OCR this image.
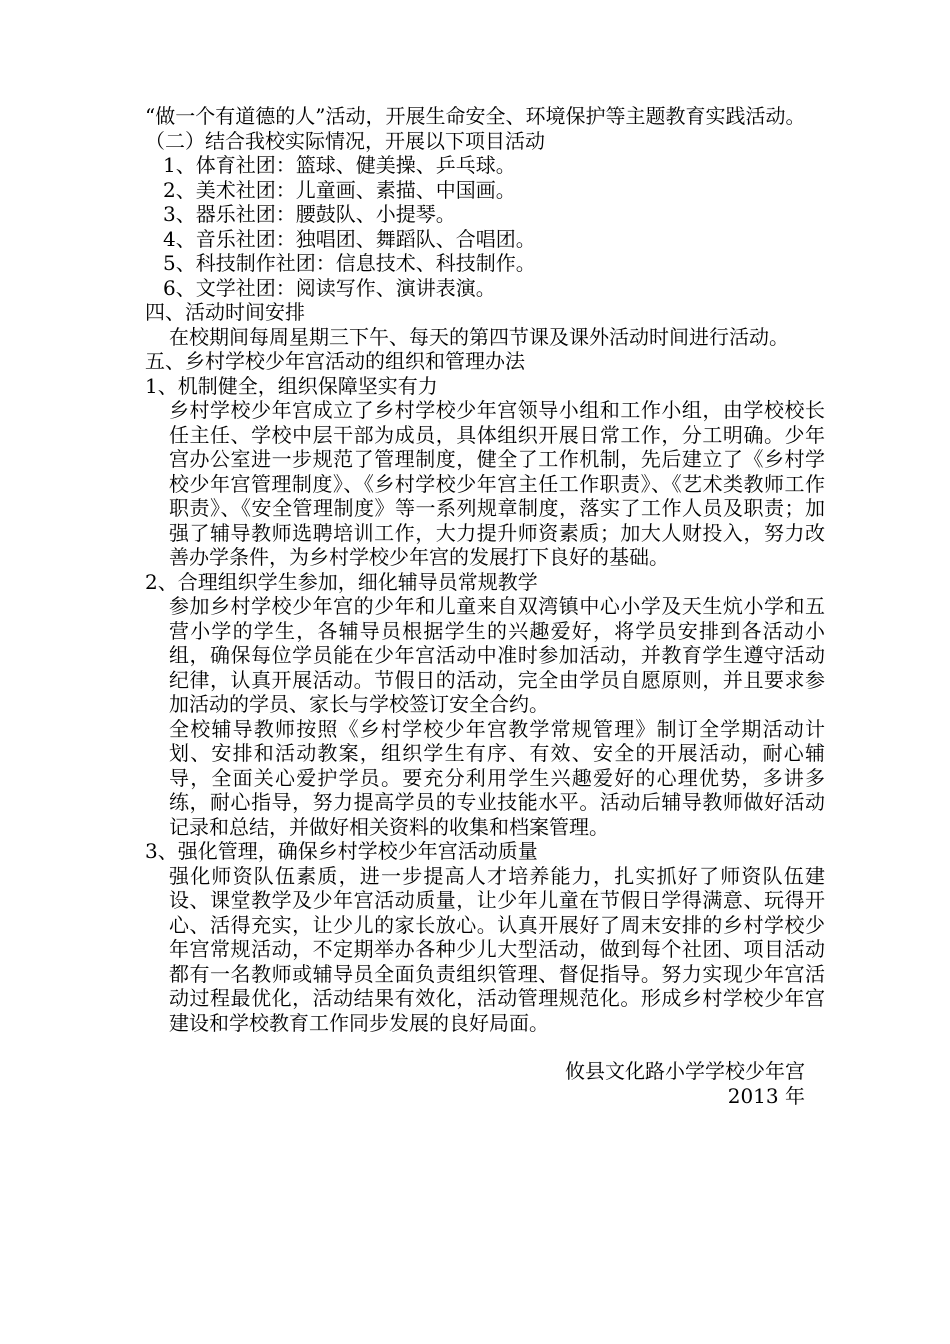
“做一个有道德的人”活动，开展生命安全、环境保护等主题教育实践活动。

（二）结合我校实际情况，开展以下项目活动

1、体育社团：篮球、健美操、乒乓球。

2、美术社团：儿童画、素描、中国画。

3、器乐社团：腰鼓队、小提琴。

4、音乐社团：独唱团、舞蹈队、合唱团。

5、科技制作社团：信息技术、科技制作。

6、文学社团：阅读写作、演讲表演。

四、活动时间安排

在校期间每周星期三下午、每天的第四节课及课外活动时间进行活动。

五、乡村学校少年宫活动的组织和管理办法

1、机制健全，组织保障坚实有力

乡村学校少年宫成立了乡村学校少年宫领导小组和工作小组，由学校校长任主任、学校中层干部为成员，具体组织开展日常工作，分工明确。少年宫办公室进一步规范了管理制度，健全了工作机制，先后建立了《乡村学校少年宫管理制度》、《乡村学校少年宫主任工作职责》、《艺术类教师工作职责》、《安全管理制度》等一系列规章制度，落实了工作人员及职责；加强了辅导教师选聘培训工作，大力提升师资素质；加大人财投入，努力改善办学条件，为乡村学校少年宫的发展打下良好的基础。

2、合理组织学生参加，细化辅导员常规教学

参加乡村学校少年宫的少年和儿童来自双湾镇中心小学及天生炕小学和五营小学的学生，各辅导员根据学生的兴趣爱好，将学员安排到各活动小组，确保每位学员能在少年宫活动中准时参加活动，并教育学生遵守活动纪律，认真开展活动。节假日的活动，完全由学员自愿原则，并且要求参加活动的学员、家长与学校签订安全合约。

全校辅导教师按照《乡村学校少年宫教学常规管理》制订全学期活动计划、安排和活动教案，组织学生有序、有效、安全的开展活动，耐心辅导，全面关心爱护学员。要充分利用学生兴趣爱好的心理优势，多讲多练，耐心指导，努力提高学员的专业技能水平。活动后辅导教师做好活动记录和总结，并做好相关资料的收集和档案管理。

3、强化管理，确保乡村学校少年宫活动质量

强化师资队伍素质，进一步提高人才培养能力，扎实抓好了师资队伍建设、课堂教学及少年宫活动质量，让少年儿童在节假日学得满意、玩得开心、活得充实，让少儿的家长放心。认真开展好了周末安排的乡村学校少年宫常规活动，不定期举办各种少儿大型活动，做到每个社团、项目活动都有一名教师或辅导员全面负责组织管理、督促指导。努力实现少年宫活动过程最优化，活动结果有效化，活动管理规范化。形成乡村学校少年宫建设和学校教育工作同步发展的良好局面。

攸县文化路小学学校少年宫

2013 年
